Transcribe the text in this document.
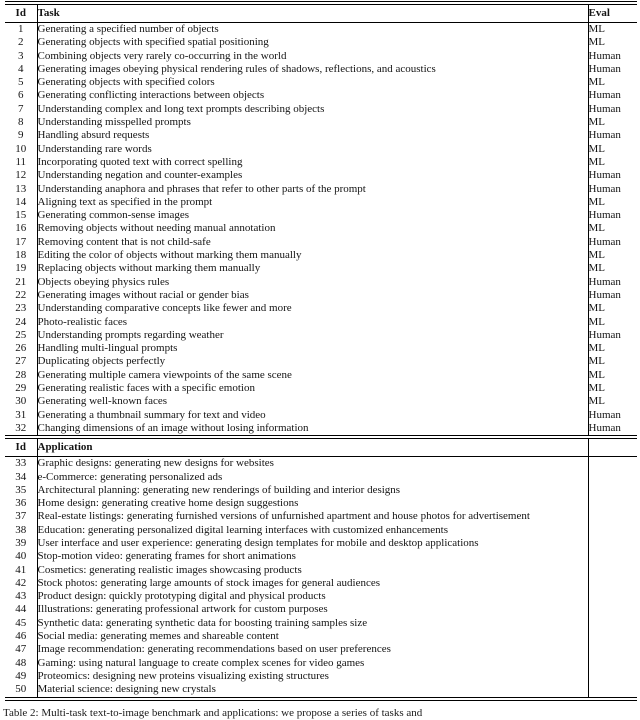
Id	Task	Eval
1	Generating a specified number of objects	ML
2	Generating objects with specified spatial positioning	ML
3	Combining objects very rarely co-occurring in the world	Human
4	Generating images obeying physical rendering rules of shadows, reflections, and acoustics	Human
5	Generating objects with specified colors	ML
6	Generating conflicting interactions between objects	Human
7	Understanding complex and long text prompts describing objects	Human
8	Understanding misspelled prompts	ML
9	Handling absurd requests	Human
10	Understanding rare words	ML
11	Incorporating quoted text with correct spelling	ML
12	Understanding negation and counter-examples	Human
13	Understanding anaphora and phrases that refer to other parts of the prompt	Human
14	Aligning text as specified in the prompt	ML
15	Generating common-sense images	Human
16	Removing objects without needing manual annotation	ML
17	Removing content that is not child-safe	Human
18	Editing the color of objects without marking them manually	ML
19	Replacing objects without marking them manually	ML
21	Objects obeying physics rules	Human
22	Generating images without racial or gender bias	Human
23	Understanding comparative concepts like fewer and more	ML
24	Photo-realistic faces	ML
25	Understanding prompts regarding weather	Human
26	Handling multi-lingual prompts	ML
27	Duplicating objects perfectly	ML
28	Generating multiple camera viewpoints of the same scene	ML
29	Generating realistic faces with a specific emotion	ML
30	Generating well-known faces	ML
31	Generating a thumbnail summary for text and video	Human
32	Changing dimensions of an image without losing information	Human
Id	Application	
33	Graphic designs: generating new designs for websites	
34	e-Commerce: generating personalized ads	
35	Architectural planning: generating new renderings of building and interior designs	
36	Home design: generating creative home design suggestions	
37	Real-estate listings: generating furnished versions of unfurnished apartment and house photos for advertisement	
38	Education: generating personalized digital learning interfaces with customized enhancements	
39	User interface and user experience: generating design templates for mobile and desktop applications	
40	Stop-motion video: generating frames for short animations	
41	Cosmetics: generating realistic images showcasing products	
42	Stock photos: generating large amounts of stock images for general audiences	
43	Product design: quickly prototyping digital and physical products	
44	Illustrations: generating professional artwork for custom purposes	
45	Synthetic data: generating synthetic data for boosting training samples size	
46	Social media: generating memes and shareable content	
47	Image recommendation: generating recommendations based on user preferences	
48	Gaming: using natural language to create complex scenes for video games	
49	Proteomics: designing new proteins visualizing existing structures	
50	Material science: designing new crystals	
Table 2: Multi-task text-to-image benchmark and applications: we propose a series of tasks and
